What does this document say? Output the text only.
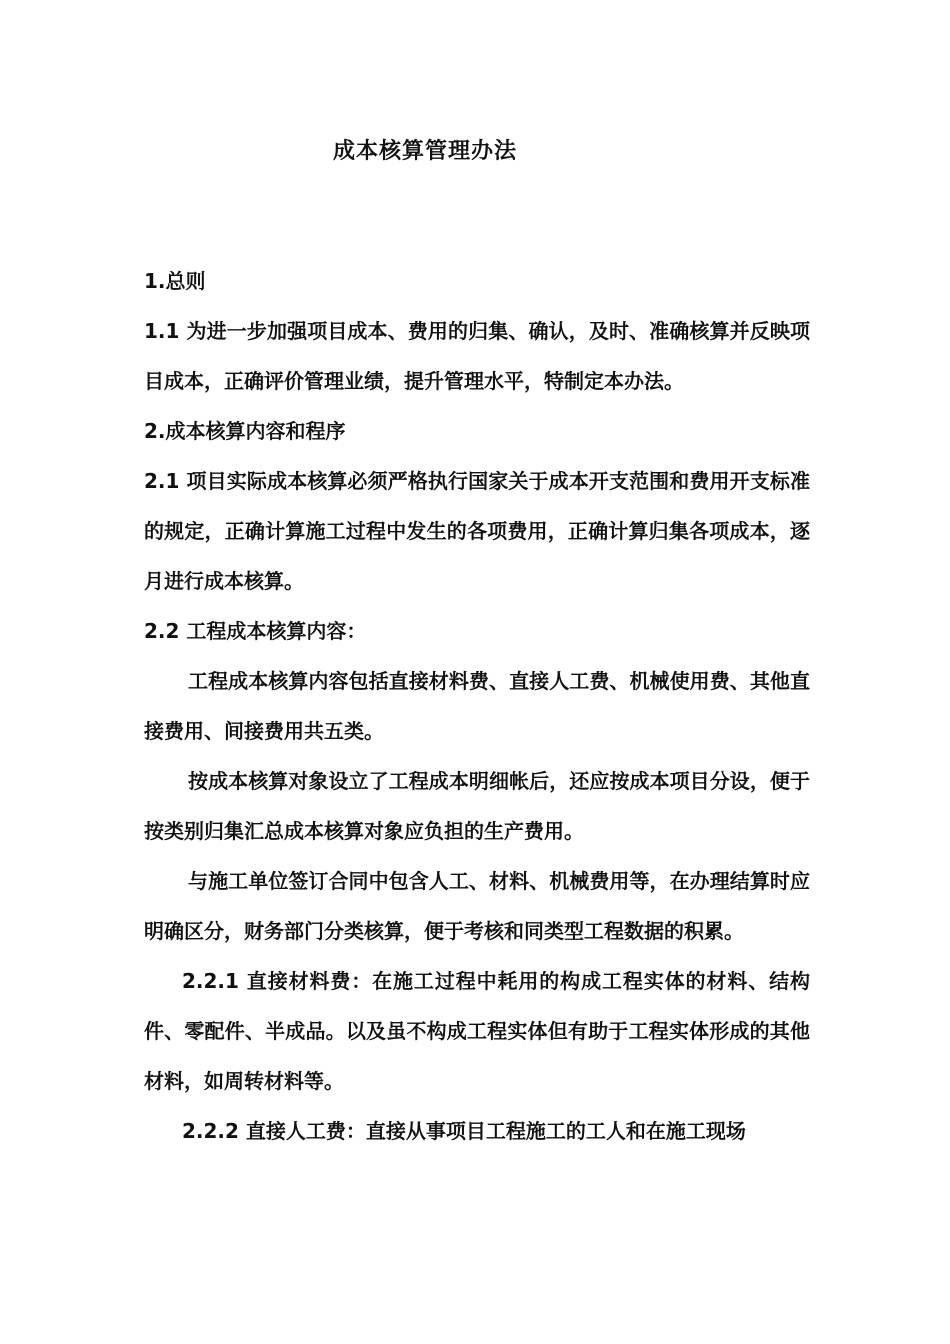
成本核算管理办法

1.总则

1.1 为进一步加强项目成本、费用的归集、确认，及时、准确核算并反映项目成本，正确评价管理业绩，提升管理水平，特制定本办法。

2.成本核算内容和程序

2.1 项目实际成本核算必须严格执行国家关于成本开支范围和费用开支标准的规定，正确计算施工过程中发生的各项费用，正确计算归集各项成本，逐月进行成本核算。

2.2 工程成本核算内容：

工程成本核算内容包括直接材料费、直接人工费、机械使用费、其他直接费用、间接费用共五类。

按成本核算对象设立了工程成本明细帐后，还应按成本项目分设，便于按类别归集汇总成本核算对象应负担的生产费用。

与施工单位签订合同中包含人工、材料、机械费用等，在办理结算时应明确区分，财务部门分类核算，便于考核和同类型工程数据的积累。

2.2.1 直接材料费：在施工过程中耗用的构成工程实体的材料、结构件、零配件、半成品。以及虽不构成工程实体但有助于工程实体形成的其他材料，如周转材料等。

2.2.2 直接人工费：直接从事项目工程施工的工人和在施工现场
